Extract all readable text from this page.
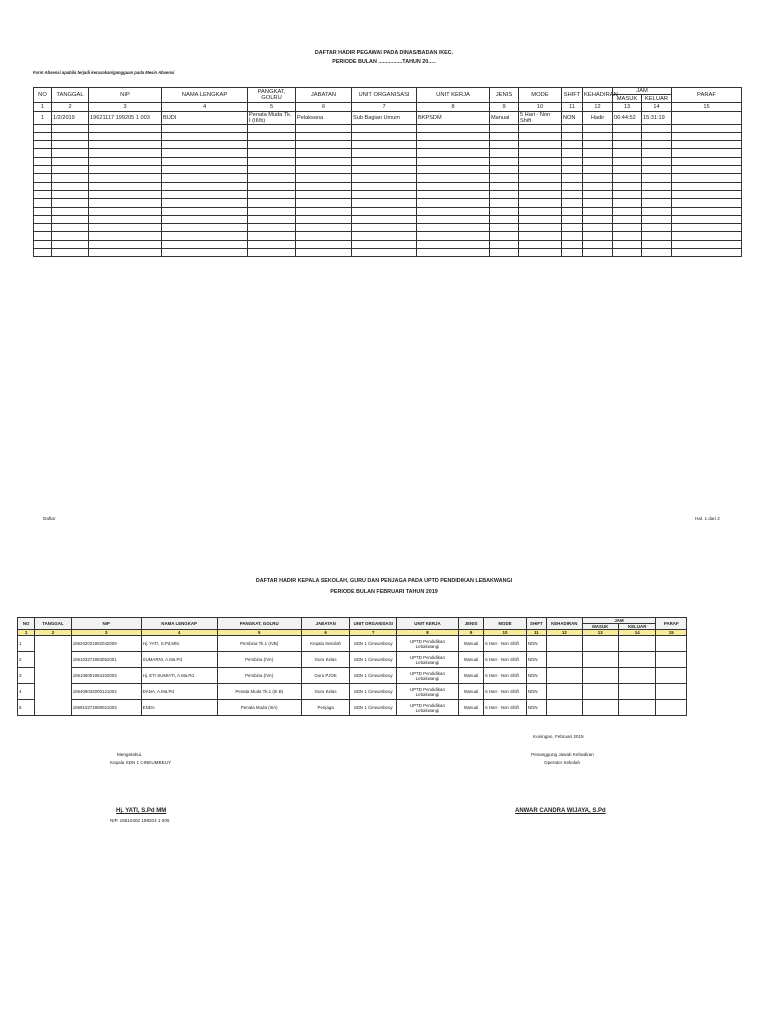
DAFTAR HADIR PEGAWAI PADA DINAS/BADAN /KEC.
PERIODE BULAN ................TAHUN 20.....
Form Absensi apabila terjadi kerusakan/gangguan pada Mesin Absensi
NO	TANGGAL	NIP	NAMA LENGKAP	PANGKAT, GOLRU	JABATAN	UNIT ORGANISASI	UNIT KERJA	JENIS	MODE	SHIFT	KEHADIRAN	JAM		PARAF
												MASUK	KELUAR	
1	2	3	4	5	6	7	8	9	10	11	12	13	14	15
1	1/2/2019	19621117 199205 1 003	BUDI	Penata Muda Tk. I (III/b)	Pelaksana	Sub Bagian Umum	BKPSDM	Manual	5 Hari - Non Shift	NON	Hadir	06:44:52	15:31:19	

Daftar	Hal. 1 dari 2
DAFTAR HADIR KEPALA SEKOLAH, GURU DAN PENJAGA PADA UPTD PENDIDIKAN LEBAKWANGI
PERIODE BULAN FEBRUARI TAHUN 2019
NO	TANGGAL	NIP	NAMA LENGKAP	PANGKAT, GOLRU	JABATAN	UNIT ORGANISASI	UNIT KERJA	JENIS	MODE	SHIFT	KEHADIRAN	JAM		PARAF
												MASUK	KELUAR	
1	2	3	4	5	6	7	8	9	10	11	12	13	14	15
1		196202021982042009	Hj. YATI, S.Pd,MM.	Pembina Tk.1 (IVB)	Kepala Sekolah	SDN 1 Cineumbeuy	UPTD Pendidikan Lebakwangi	Manual	6 Hari - Non Shift	NON				
2		196103271983052001	SUMARNI, A.Ma.Pd	Pembina (IVA)	Guru Kelas	SDN 1 Cineumbeuy	UPTD Pendidikan Lebakwangi	Manual	6 Hari - Non Shift	NON				
3		196106051984102003	Hj. ETI SUMIATI, A.Ma.Pd	Pembina (IVA)	Guru PJOK	SDN 1 Cineumbeuy	UPTD Pendidikan Lebakwangi	Manual	6 Hari - Non Shift	NON				
4		196408032000121002	DANA, A.Ma.Pd	Penata Muda Tk.1 (III B)	Guru Kelas	SDN 1 Cineumbeuy	UPTD Pendidikan Lebakwangi	Manual	6 Hari - Non Shift	NON				
5		196910271989021003	ENDA	Penata Muda (IIIA)	Penjaga	SDN 1 Cineumbeuy	UPTD Pendidikan Lebakwangi	Manual	6 Hari - Non Shift	NON				
Kuningan, Februari 2019
Mengetahui,
Kepala SDN 1 CINEUMBEUY
Penanggung Jawab Kehadiran
Operator Sekolah
Hj. YATI, S.Pd MM
NIP. 19610402 198204 1 005
ANWAR CANDRA WIJAYA, S.Pd
